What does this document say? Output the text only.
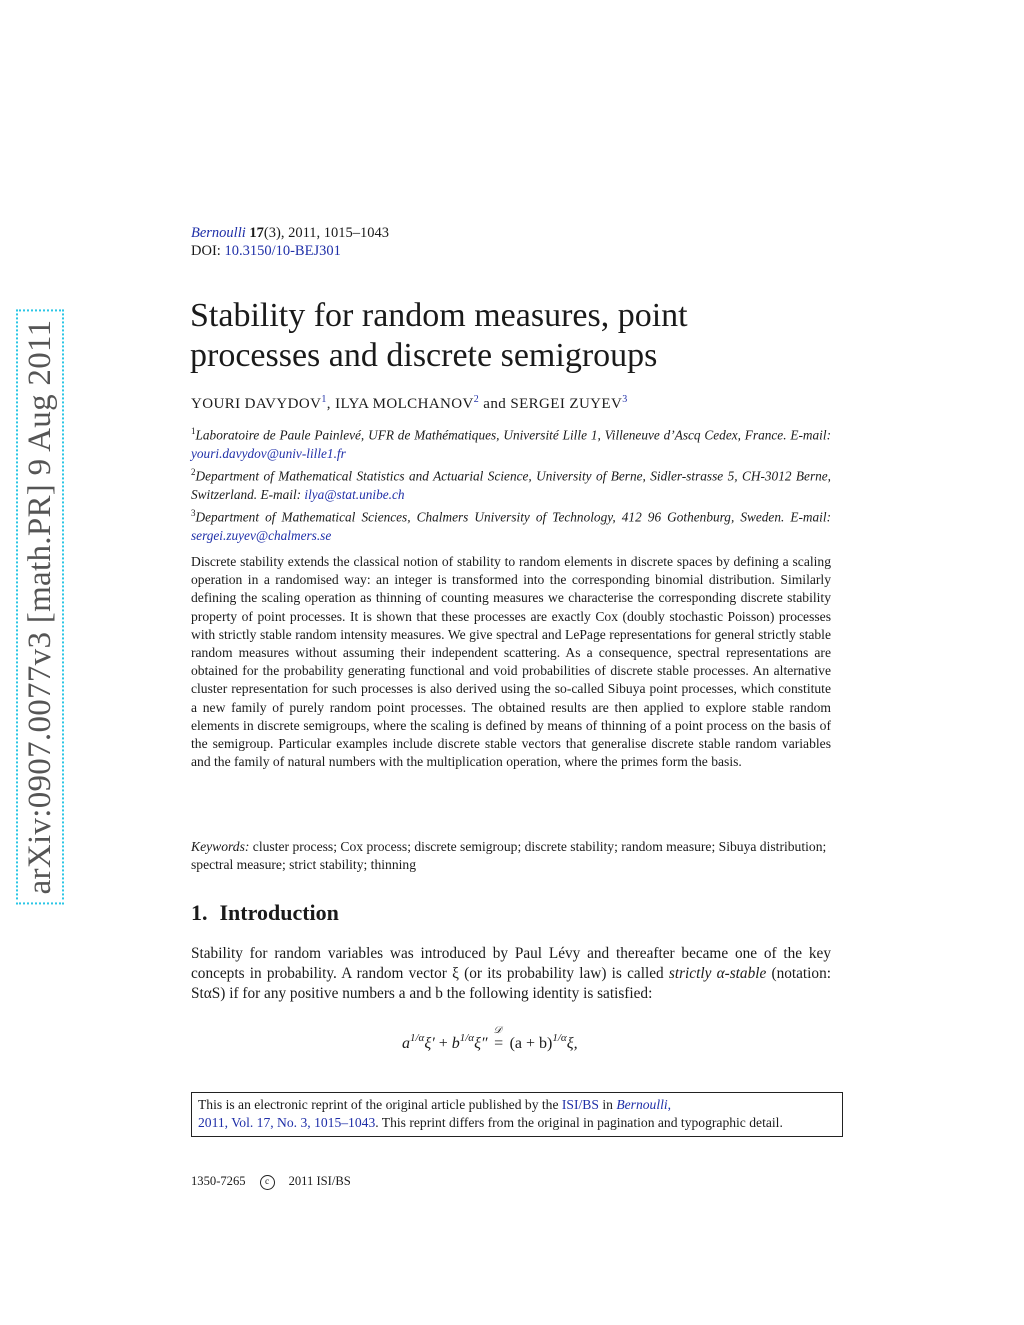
Bernoulli 17(3), 2011, 1015–1043
DOI: 10.3150/10-BEJ301
arXiv:0907.0077v3 [math.PR] 9 Aug 2011
Stability for random measures, point
processes and discrete semigroups
YOURI DAVYDOV$^1$, ILYA MOLCHANOV$^2$ and SERGEI ZUYEV$^3$

$^1$Laboratoire de Paule Painlevé, UFR de Mathématiques, Université Lille 1, Villeneuve d’Ascq Cedex, France. E-mail: youri.davydov@univ-lille1.fr

$^2$Department of Mathematical Statistics and Actuarial Science, University of Berne, Sidler-strasse 5, CH-3012 Berne, Switzerland. E-mail: ilya@stat.unibe.ch

$^3$Department of Mathematical Sciences, Chalmers University of Technology, 412 96 Gothenburg, Sweden. E-mail: sergei.zuyev@chalmers.se

Discrete stability extends the classical notion of stability to random elements in discrete spaces by defining a scaling operation in a randomised way: an integer is transformed into the corresponding binomial distribution. Similarly defining the scaling operation as thinning of counting measures we characterise the corresponding discrete stability property of point processes. It is shown that these processes are exactly Cox (doubly stochastic Poisson) processes with strictly stable random intensity measures. We give spectral and LePage representations for general strictly stable random measures without assuming their independent scattering. As a consequence, spectral representations are obtained for the probability generating functional and void probabilities of discrete stable processes. An alternative cluster representation for such processes is also derived using the so-called Sibuya point processes, which constitute a new family of purely random point processes. The obtained results are then applied to explore stable random elements in discrete semigroups, where the scaling is defined by means of thinning of a point process on the basis of the semigroup. Particular examples include discrete stable vectors that generalise discrete stable random variables and the family of natural numbers with the multiplication operation, where the primes form the basis.
Keywords: cluster process; Cox process; discrete semigroup; discrete stability; random measure; Sibuya distribution; spectral measure; strict stability; thinning
1. Introduction
Stability for random variables was introduced by Paul Lévy and thereafter became one of the key concepts in probability. A random vector ξ (or its probability law) is called strictly α-stable (notation: StαS) if for any positive numbers a and b the following identity is satisfied:
$a^{1/\alpha}\xi' + b^{1/\alpha}\xi''$
𝒟
= $(a + b)^{1/\alpha}\xi$,
This is an electronic reprint of the original article published by the ISI/BS in Bernoulli,
2011, Vol. 17, No. 3, 1015–1043. This reprint differs from the original in pagination and typographic detail.
1350-7265 c 2011 ISI/BS
